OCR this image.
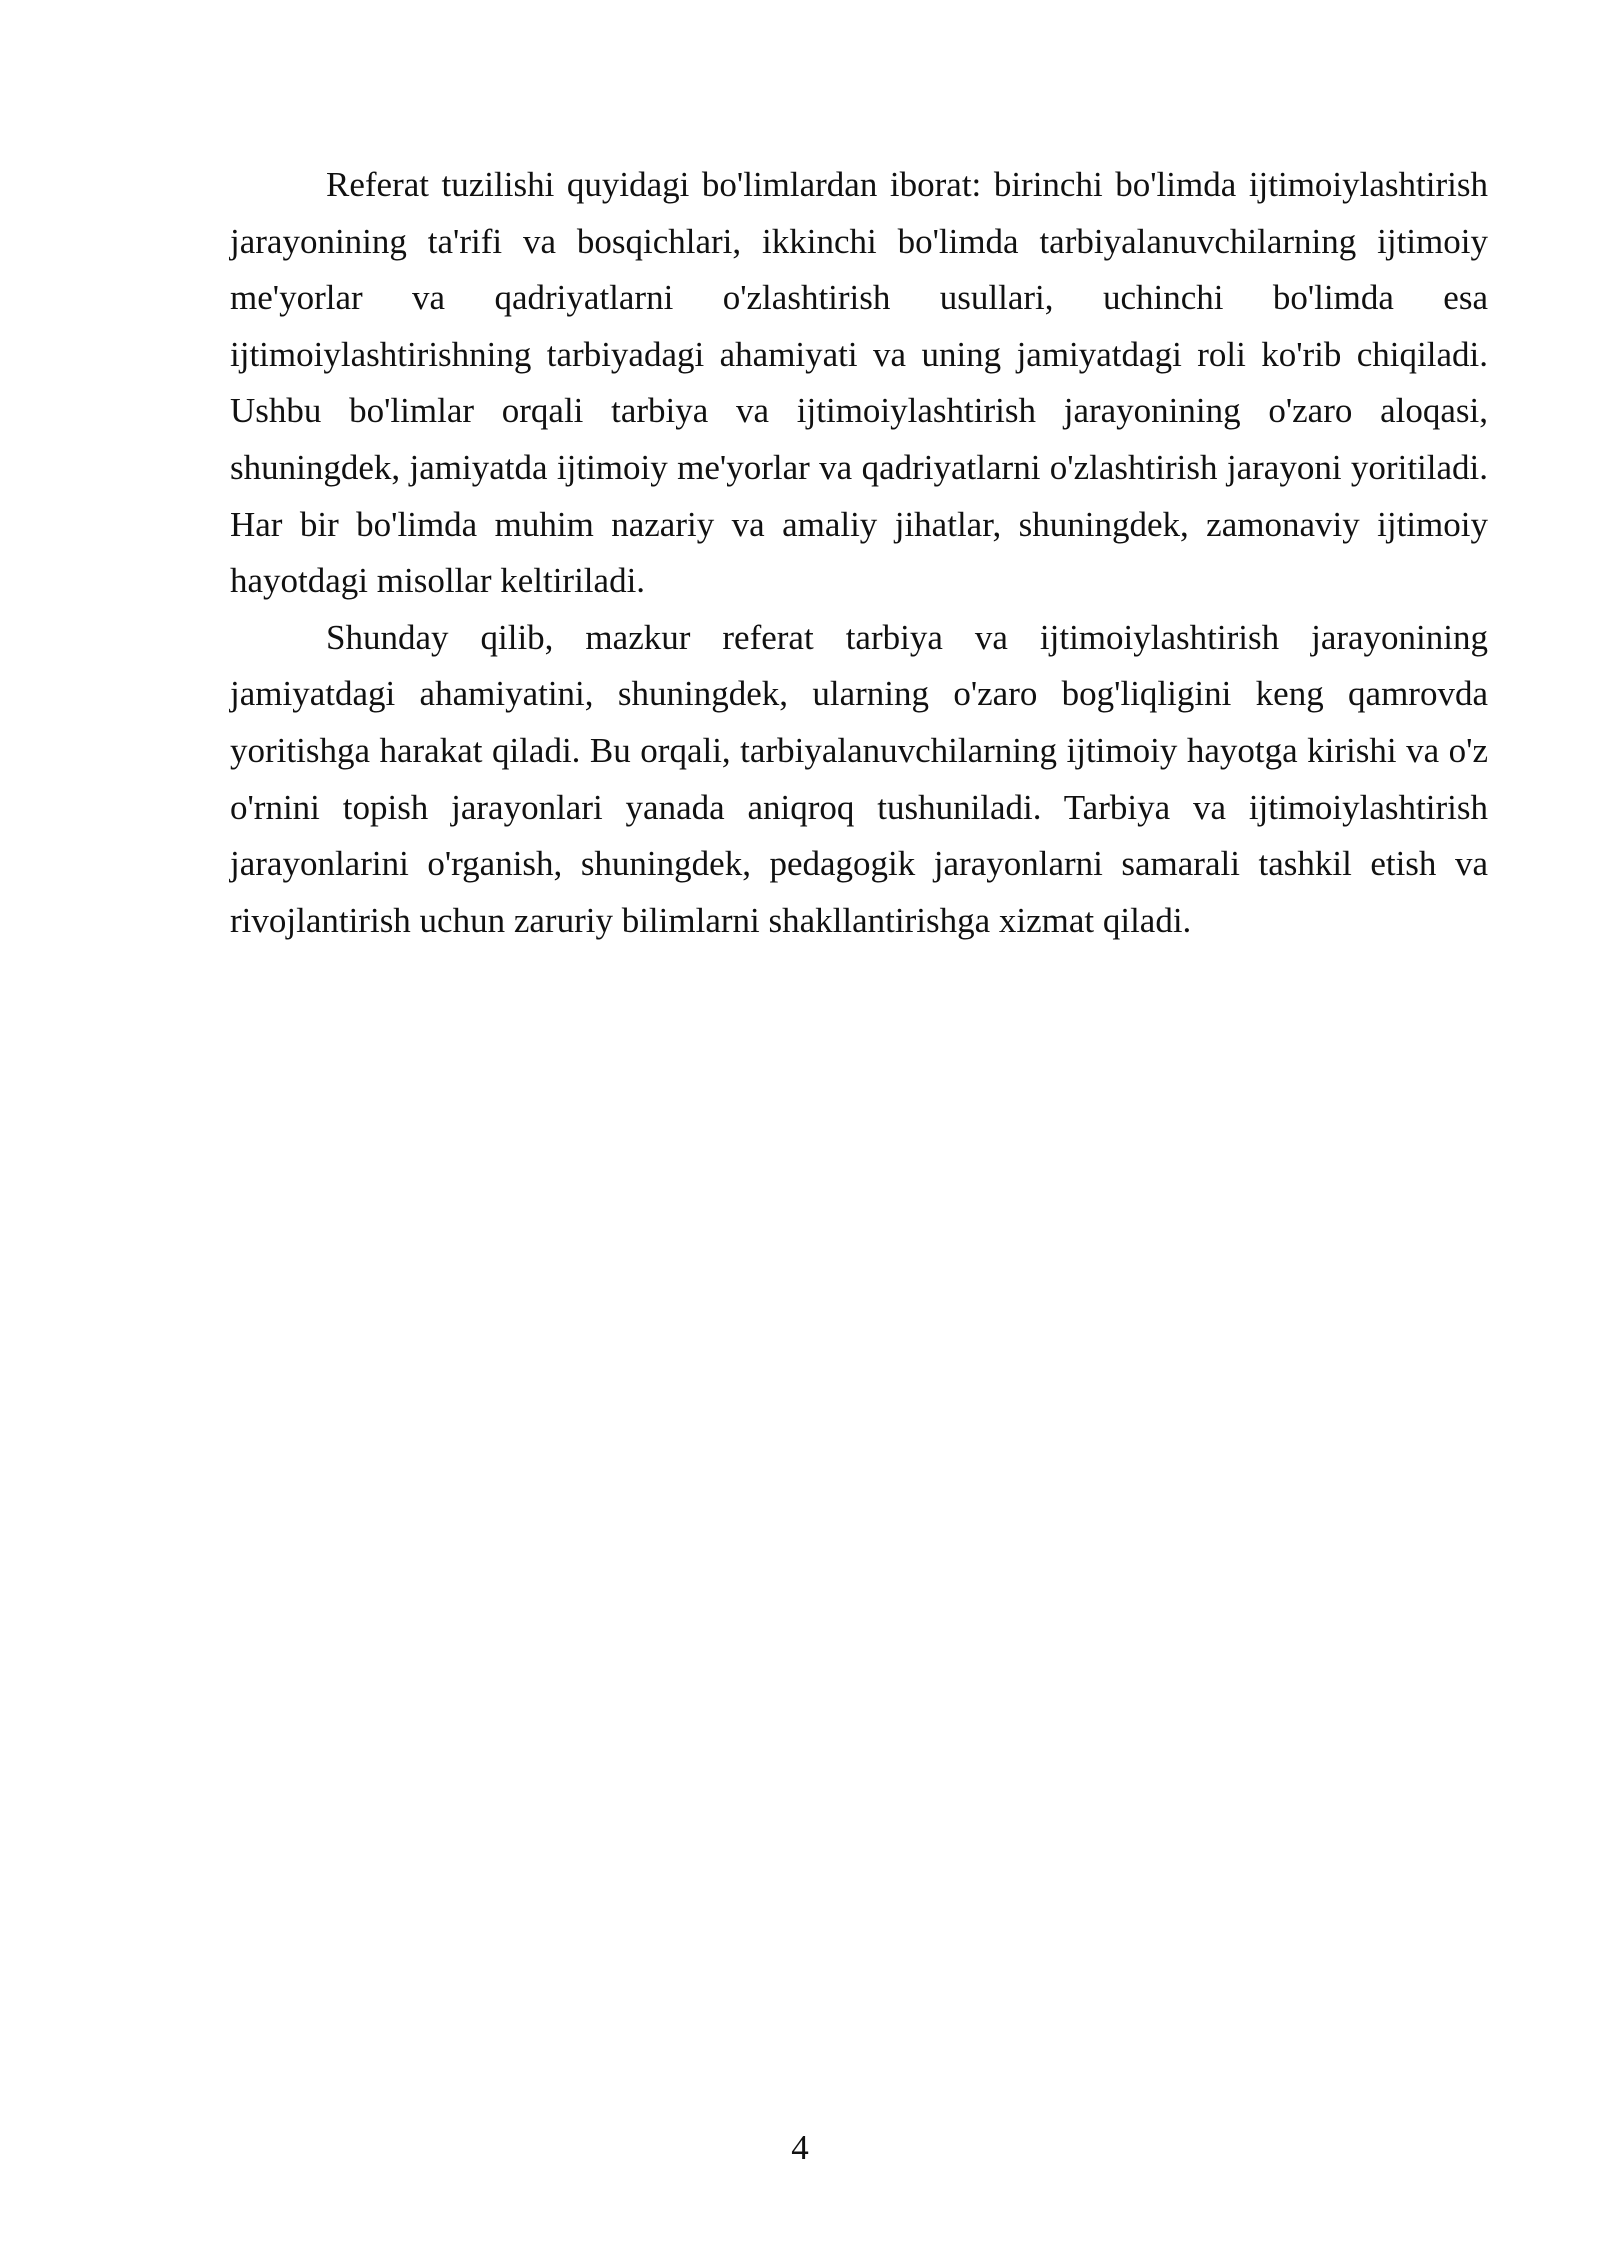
Referat tuzilishi quyidagi bo'limlardan iborat: birinchi bo'limda ijtimoiylashtirish jarayonining ta'rifi va bosqichlari, ikkinchi bo'limda tarbiyalanuvchilarning ijtimoiy me'yorlar va qadriyatlarni o'zlashtirish usullari, uchinchi bo'limda esa ijtimoiylashtirishning tarbiyadagi ahamiyati va uning jamiyatdagi roli ko'rib chiqiladi. Ushbu bo'limlar orqali tarbiya va ijtimoiylashtirish jarayonining o'zaro aloqasi, shuningdek, jamiyatda ijtimoiy me'yorlar va qadriyatlarni o'zlashtirish jarayoni yoritiladi. Har bir bo'limda muhim nazariy va amaliy jihatlar, shuningdek, zamonaviy ijtimoiy hayotdagi misollar keltiriladi.

Shunday qilib, mazkur referat tarbiya va ijtimoiylashtirish jarayonining jamiyatdagi ahamiyatini, shuningdek, ularning o'zaro bog'liqligini keng qamrovda yoritishga harakat qiladi. Bu orqali, tarbiyalanuvchilarning ijtimoiy hayotga kirishi va o'z o'rnini topish jarayonlari yanada aniqroq tushuniladi. Tarbiya va ijtimoiylashtirish jarayonlarini o'rganish, shuningdek, pedagogik jarayonlarni samarali tashkil etish va rivojlantirish uchun zaruriy bilimlarni shakllantirishga xizmat qiladi.

4
